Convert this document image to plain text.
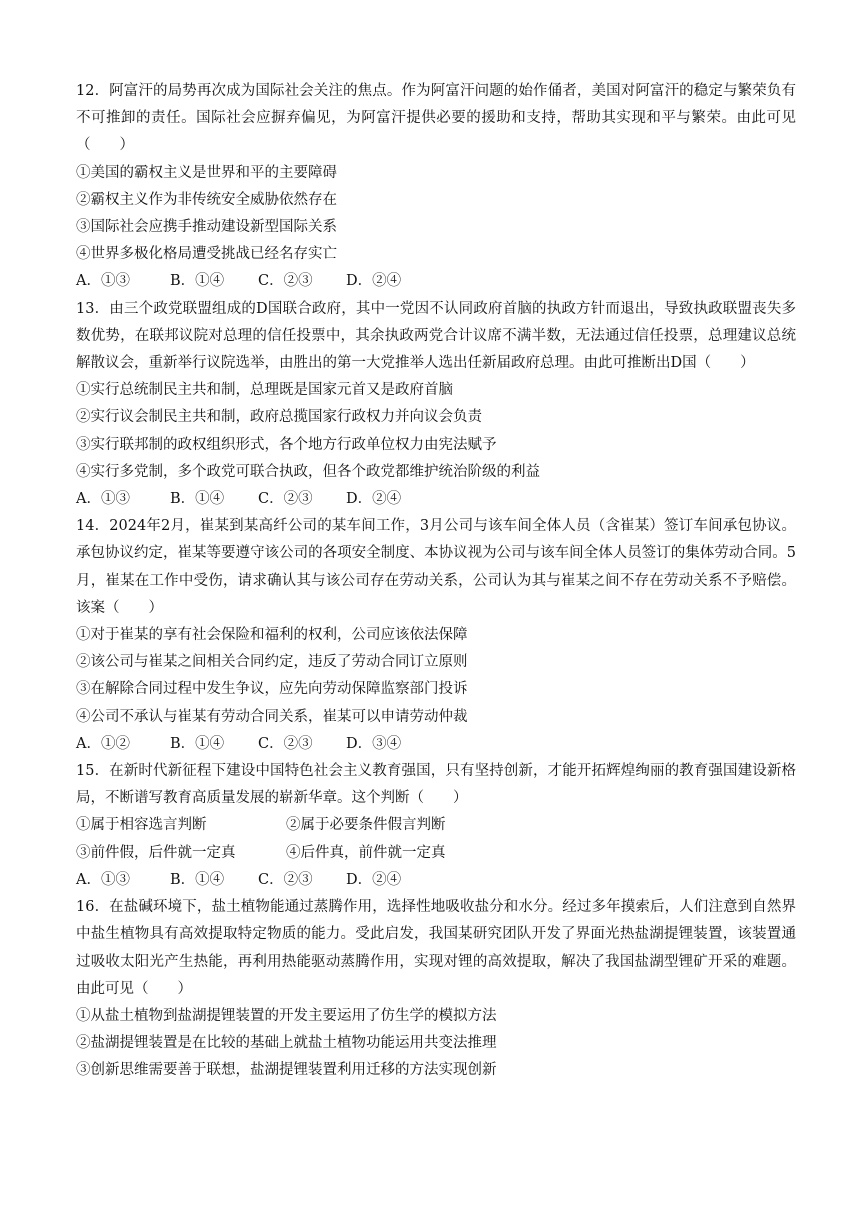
12．阿富汗的局势再次成为国际社会关注的焦点。作为阿富汗问题的始作俑者，美国对阿富汗的稳定与繁荣负有不可推卸的责任。国际社会应摒弃偏见，为阿富汗提供必要的援助和支持，帮助其实现和平与繁荣。由此可见（　　）

①美国的霸权主义是世界和平的主要障碍

②霸权主义作为非传统安全威胁依然存在

③国际社会应携手推动建设新型国际关系

④世界多极化格局遭受挑战已经名存实亡

A．①③	B．①④ C．②③ D．②④

13．由三个政党联盟组成的D国联合政府，其中一党因不认同政府首脑的执政方针而退出，导致执政联盟丧失多数优势，在联邦议院对总理的信任投票中，其余执政两党合计议席不满半数，无法通过信任投票，总理建议总统解散议会，重新举行议院选举，由胜出的第一大党推举人选出任新届政府总理。由此可推断出D国（　　）

①实行总统制民主共和制，总理既是国家元首又是政府首脑

②实行议会制民主共和制，政府总揽国家行政权力并向议会负责

③实行联邦制的政权组织形式，各个地方行政单位权力由宪法赋予

④实行多党制，多个政党可联合执政，但各个政党都维护统治阶级的利益

A．①③	B．①④ C．②③ D．②④

14．2024年2月，崔某到某高纤公司的某车间工作，3月公司与该车间全体人员（含崔某）签订车间承包协议。承包协议约定，崔某等要遵守该公司的各项安全制度、本协议视为公司与该车间全体人员签订的集体劳动合同。5月，崔某在工作中受伤，请求确认其与该公司存在劳动关系，公司认为其与崔某之间不存在劳动关系不予赔偿。该案（　　）

①对于崔某的享有社会保险和福利的权利，公司应该依法保障

②该公司与崔某之间相关合同约定，违反了劳动合同订立原则

③在解除合同过程中发生争议，应先向劳动保障监察部门投诉

④公司不承认与崔某有劳动合同关系，崔某可以申请劳动仲裁

A．①②	B．①④ C．②③ D．③④

15．在新时代新征程下建设中国特色社会主义教育强国，只有坚持创新，才能开拓辉煌绚丽的教育强国建设新格局，不断谱写教育高质量发展的崭新华章。这个判断（　　）

①属于相容选言判断	②属于必要条件假言判断

③前件假，后件就一定真	④后件真，前件就一定真

A．①③	B．①④ C．②③ D．②④

16．在盐碱环境下，盐土植物能通过蒸腾作用，选择性地吸收盐分和水分。经过多年摸索后，人们注意到自然界中盐生植物具有高效提取特定物质的能力。受此启发，我国某研究团队开发了界面光热盐湖提锂装置，该装置通过吸收太阳光产生热能，再利用热能驱动蒸腾作用，实现对锂的高效提取，解决了我国盐湖型锂矿开采的难题。由此可见（　　）

①从盐土植物到盐湖提锂装置的开发主要运用了仿生学的模拟方法

②盐湖提锂装置是在比较的基础上就盐土植物功能运用共变法推理

③创新思维需要善于联想，盐湖提锂装置利用迁移的方法实现创新
